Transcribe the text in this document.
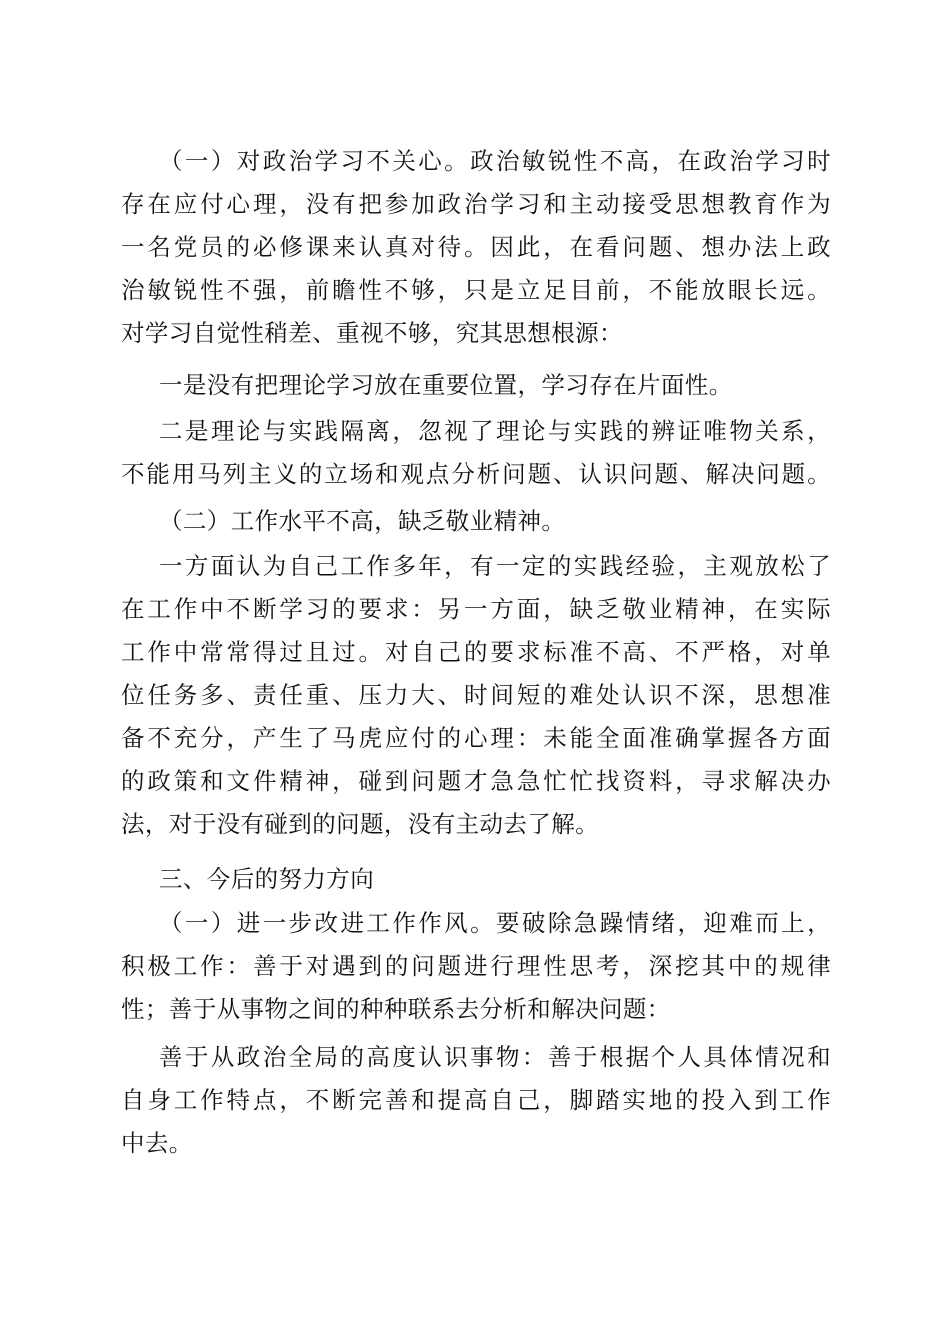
（一）对政治学习不关心。政治敏锐性不高，在政治学习时
存在应付心理，没有把参加政治学习和主动接受思想教育作为
一名党员的必修课来认真对待。因此，在看问题、想办法上政
治敏锐性不强，前瞻性不够，只是立足目前，不能放眼长远。
对学习自觉性稍差、重视不够，究其思想根源：
一是没有把理论学习放在重要位置，学习存在片面性。
二是理论与实践隔离，忽视了理论与实践的辨证唯物关系，
不能用马列主义的立场和观点分析问题、认识问题、解决问题。
（二）工作水平不高，缺乏敬业精神。
一方面认为自己工作多年，有一定的实践经验，主观放松了
在工作中不断学习的要求：另一方面，缺乏敬业精神，在实际
工作中常常得过且过。对自己的要求标准不高、不严格，对单
位任务多、责任重、压力大、时间短的难处认识不深，思想准
备不充分，产生了马虎应付的心理：未能全面准确掌握各方面
的政策和文件精神，碰到问题才急急忙忙找资料，寻求解决办
法，对于没有碰到的问题，没有主动去了解。
三、今后的努力方向
（一）进一步改进工作作风。要破除急躁情绪，迎难而上，
积极工作：善于对遇到的问题进行理性思考，深挖其中的规律
性；善于从事物之间的种种联系去分析和解决问题：
善于从政治全局的高度认识事物：善于根据个人具体情况和
自身工作特点，不断完善和提高自己，脚踏实地的投入到工作
中去。
